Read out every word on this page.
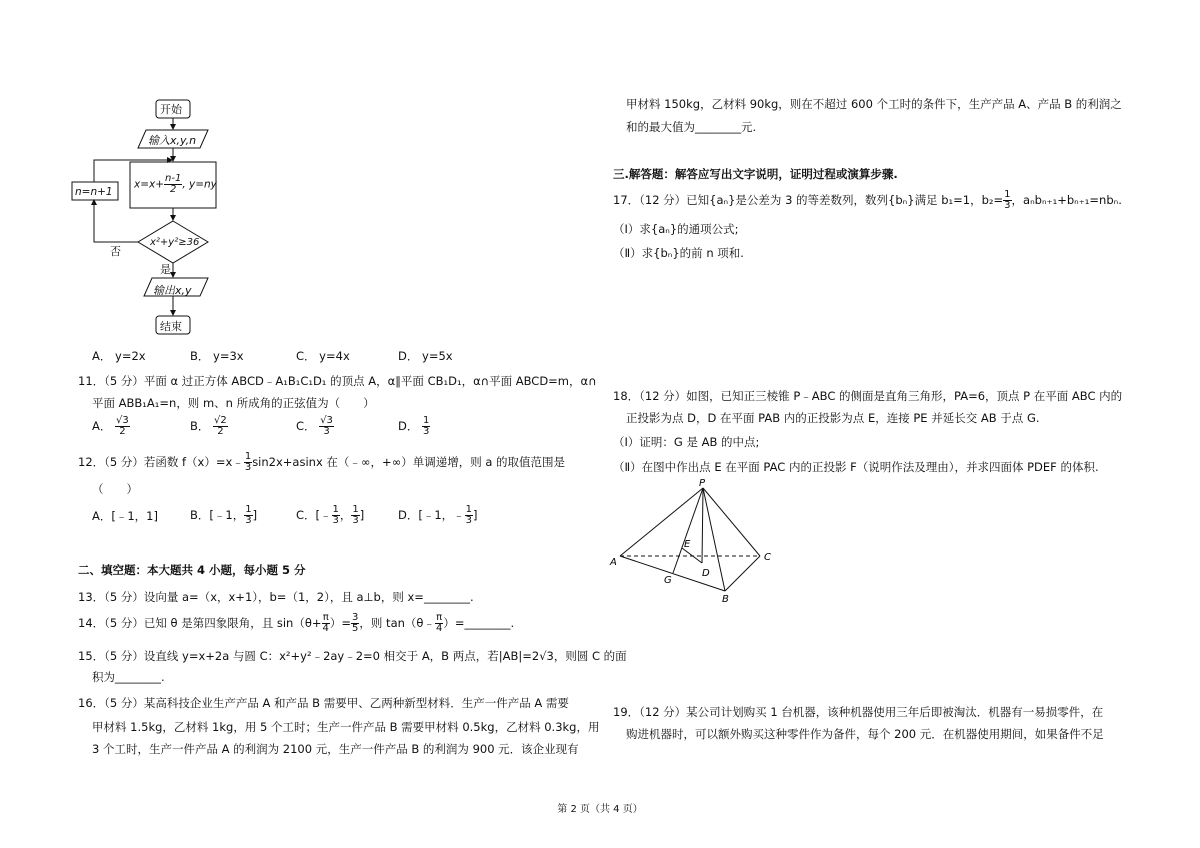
开始
输入x,y,n
n=n+1
$x=x+ \frac{n-1}{2}$ , y=ny
x²+y²≥36
否
是
输出x,y
结束
A． y=2x	B． y=3x	C． y=4x	D． y=5x
11．（5 分）平面 α 过正方体 ABCD﹣A₁B₁C₁D₁ 的顶点 A，α∥平面 CB₁D₁，α∩平面 ABCD=m，α∩
平面 ABB₁A₁=n，则 m、n 所成角的正弦值为（　　）
A． $\frac{√3}{2}$	B． $\frac{√2}{2}$	C． $\frac{√3}{3}$	D． $\frac{1}{3}$
12．（5 分）若函数 f（x）=x﹣ $\frac{1}{3} \sin 2x+asinx$ 在（﹣∞，+∞）单调递增，则 a 的取值范围是
（　　）
A．[﹣1，1]	B．[﹣1， $\frac{1}{3}$ ]	C．[﹣ $\frac{1}{3}$ ， $\frac{1}{3}$ ]	D．[﹣1，﹣ $\frac{1}{3}$ ]
二、填空题：本大题共 4 小题，每小题 5 分
13．（5 分）设向量 a=（x，x+1），b=（1，2），且 a⊥b，则 x=________.
14．（5 分）已知 θ 是第四象限角，且 $\sin(\theta+ \frac{\pi}{4}$ ）= $\frac{3}{5}$ ，则 tan（θ﹣ $\frac{\pi}{4}$ ）=________.
15．（5 分）设直线 y=x+2a 与圆 C：x²+y²﹣2ay﹣2=0 相交于 A，B 两点，若|AB|=2√3，则圆 C 的面
积为________.
16．（5 分）某高科技企业生产产品 A 和产品 B 需要甲、乙两种新型材料．生产一件产品 A 需要
甲材料 1.5kg，乙材料 1kg，用 5 个工时；生产一件产品 B 需要甲材料 0.5kg，乙材料 0.3kg，用
3 个工时，生产一件产品 A 的利润为 2100 元，生产一件产品 B 的利润为 900 元．该企业现有
甲材料 150kg，乙材料 90kg，则在不超过 600 个工时的条件下，生产产品 A、产品 B 的利润之
和的最大值为________元.
三.解答题：解答应写出文字说明，证明过程或演算步骤.
17．（12 分）已知{aₙ}是公差为 3 的等差数列，数列{bₙ}满足 b₁=1，$b_2= \frac{1}{3}$ ，aₙbₙ₊₁+bₙ₊₁=nbₙ.
（Ⅰ）求{aₙ}的通项公式;
（Ⅱ）求{bₙ}的前 n 项和.
18．（12 分）如图，已知正三棱锥 P﹣ABC 的侧面是直角三角形，PA=6，顶点 P 在平面 ABC 内的
正投影为点 D，D 在平面 PAB 内的正投影为点 E，连接 PE 并延长交 AB 于点 G.
（Ⅰ）证明：G 是 AB 的中点;
（Ⅱ）在图中作出点 E 在平面 PAC 内的正投影 F（说明作法及理由），并求四面体 PDEF 的体积.
P
A
B
C
E
D
G
19．（12 分）某公司计划购买 1 台机器，该种机器使用三年后即被淘汰．机器有一易损零件，在
购进机器时，可以额外购买这种零件作为备件，每个 200 元．在机器使用期间，如果备件不足
第 2 页（共 4 页）
